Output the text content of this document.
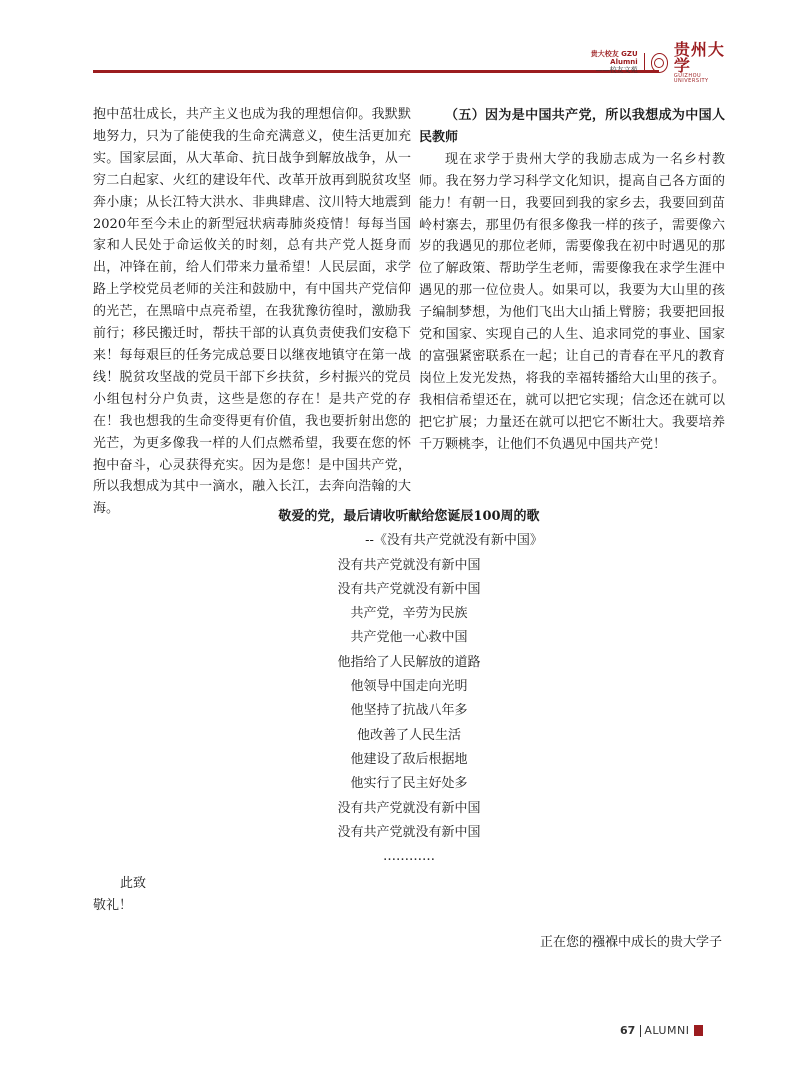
贵大校友 GZU Alumni
——校友文苑
贵州大学
GUIZHOU UNIVERSITY

抱中茁壮成长，共产主义也成为我的理想信仰。我默默地努力，只为了能使我的生命充满意义，使生活更加充实。国家层面，从大革命、抗日战争到解放战争，从一穷二白起家、火红的建设年代、改革开放再到脱贫攻坚奔小康；从长江特大洪水、非典肆虐、汶川特大地震到2020年至今未止的新型冠状病毒肺炎疫情！每每当国家和人民处于命运攸关的时刻，总有共产党人挺身而出，冲锋在前，给人们带来力量希望！人民层面，求学路上学校党员老师的关注和鼓励中，有中国共产党信仰的光芒，在黑暗中点亮希望，在我犹豫彷徨时，激励我前行；移民搬迁时，帮扶干部的认真负责使我们安稳下来！每每艰巨的任务完成总要日以继夜地镇守在第一战线！脱贫攻坚战的党员干部下乡扶贫，乡村振兴的党员小组包村分户负责，这些是您的存在！是共产党的存在！我也想我的生命变得更有价值，我也要折射出您的光芒，为更多像我一样的人们点燃希望，我要在您的怀抱中奋斗，心灵获得充实。因为是您！是中国共产党，所以我想成为其中一滴水，融入长江，去奔向浩翰的大海。

（五）因为是中国共产党，所以我想成为中国人民教师

现在求学于贵州大学的我励志成为一名乡村教师。我在努力学习科学文化知识，提高自己各方面的能力！有朝一日，我要回到我的家乡去，我要回到苗岭村寨去，那里仍有很多像我一样的孩子，需要像六岁的我遇见的那位老师，需要像我在初中时遇见的那位了解政策、帮助学生老师，需要像我在求学生涯中遇见的那一位位贵人。如果可以，我要为大山里的孩子编制梦想，为他们飞出大山插上臂膀；我要把回报党和国家、实现自己的人生、追求同党的事业、国家的富强紧密联系在一起；让自己的青春在平凡的教育岗位上发光发热，将我的幸福转播给大山里的孩子。我相信希望还在，就可以把它实现；信念还在就可以把它扩展；力量还在就可以把它不断壮大。我要培养千万颗桃李，让他们不负遇见中国共产党！

敬爱的党，最后请收听献给您诞辰100周的歌
--《没有共产党就没有新中国》
没有共产党就没有新中国
没有共产党就没有新中国
共产党，辛劳为民族
共产党他一心救中国
他指给了人民解放的道路
他领导中国走向光明
他坚持了抗战八年多
他改善了人民生活
他建设了敌后根据地
他实行了民主好处多
没有共产党就没有新中国
没有共产党就没有新中国
…………
此致
敬礼！
正在您的襁褓中成长的贵大学子
67 ALUMNI
